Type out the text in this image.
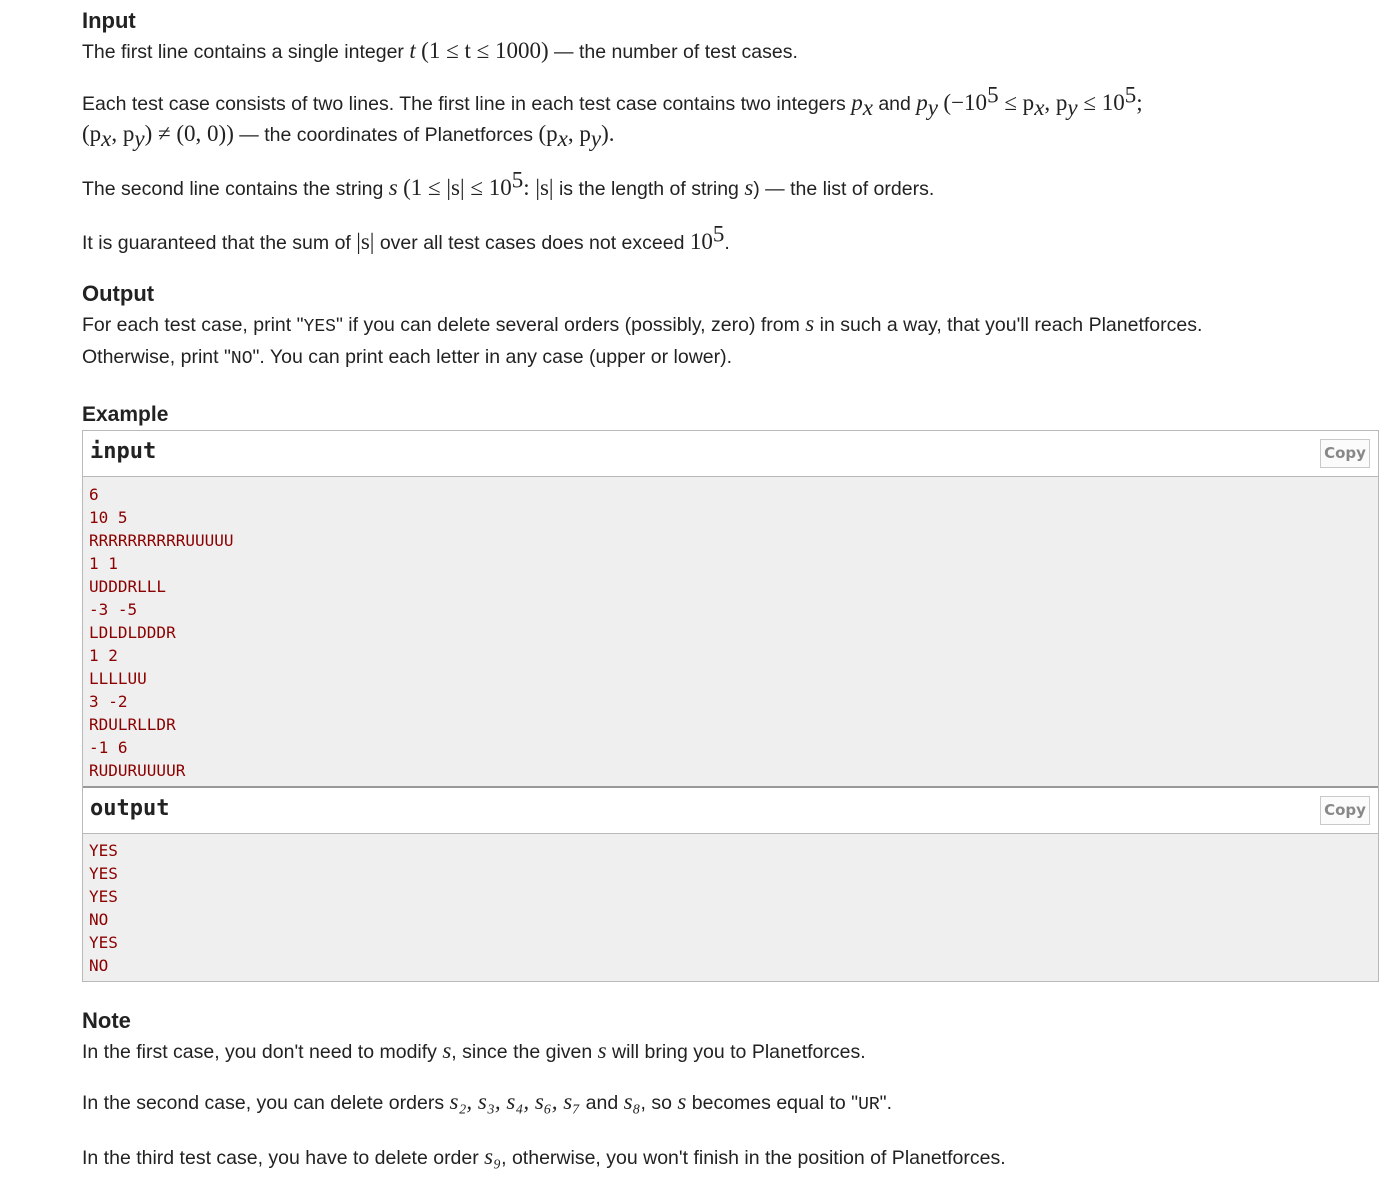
Input

The first line contains a single integer t (1 ≤ t ≤ 1000) — the number of test cases.

Each test case consists of two lines. The first line in each test case contains two integers $p_x$ and $p_y$ ($-10^5 \le p_x$, $p_y \le 10^5$;
($p_x$, $p_y) \ne (0$, 0)) — the coordinates of Planetforces ($p_x$, $p_y$).

The second line contains the string s ($1 \le |s| \le 10^5$: |s| is the length of string s) — the list of orders.

It is guaranteed that the sum of |s| over all test cases does not exceed $10^5$.

Output

For each test case, print "YES" if you can delete several orders (possibly, zero) from s in such a way, that you'll reach Planetforces.
Otherwise, print "NO". You can print each letter in any case (upper or lower).

Example
input	Copy
6
10 5
RRRRRRRRRRUUUUU
1 1
UDDDRLLL
-3 -5
LDLDLDDDR
1 2
LLLLUU
3 -2
RDULRLLDR
-1 6
RUDURUUUUR
output	Copy
YES
YES
YES
NO
YES
NO
Note

In the first case, you don't need to modify s, since the given s will bring you to Planetforces.

In the second case, you can delete orders s₂, s₃, s₄, s₆, s₇ and s₈, so s becomes equal to "UR".

In the third test case, you have to delete order s₉, otherwise, you won't finish in the position of Planetforces.
